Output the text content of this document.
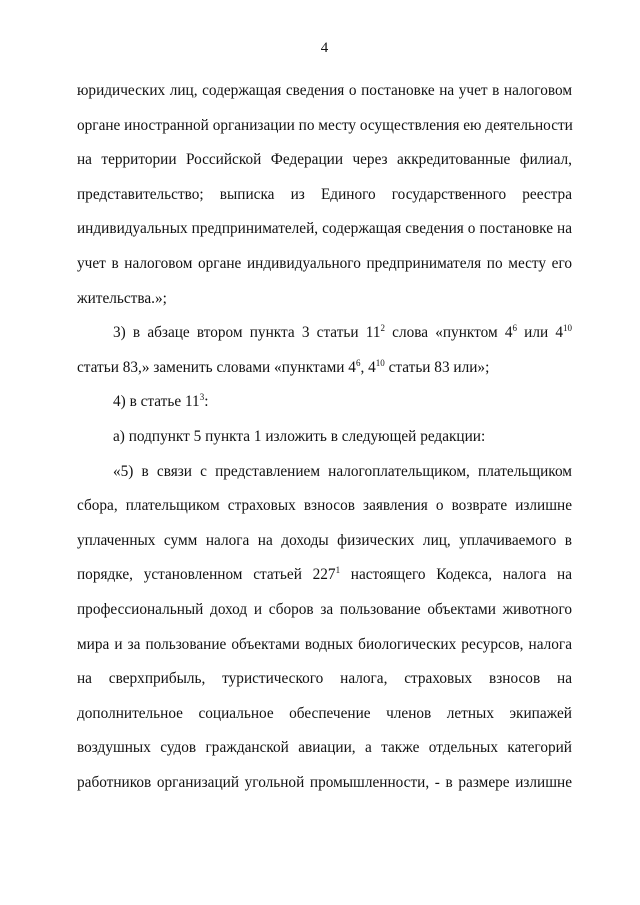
4
юридических лиц, содержащая сведения о постановке на учет в налоговом
органе иностранной организации по месту осуществления ею деятельности
на территории Российской Федерации через аккредитованные филиал,
представительство; выписка из Единого государственного реестра
индивидуальных предпринимателей, содержащая сведения о постановке на
учет в налоговом органе индивидуального предпринимателя по месту его
жительства.»;
3) в абзаце втором пункта 3 статьи $11^2$ слова «пунктом $4^6$ или $4^{10}$
статьи 83,» заменить словами «пунктами $4^6$, $4^{10}$ статьи 83 или»;
4) в статье $11^3$:
а) подпункт 5 пункта 1 изложить в следующей редакции:
«5) в связи с представлением налогоплательщиком, плательщиком
сбора, плательщиком страховых взносов заявления о возврате излишне
уплаченных сумм налога на доходы физических лиц, уплачиваемого в
порядке, установленном статьей $227^1$ настоящего Кодекса, налога на
профессиональный доход и сборов за пользование объектами животного
мира и за пользование объектами водных биологических ресурсов, налога
на сверхприбыль, туристического налога, страховых взносов на
дополнительное социальное обеспечение членов летных экипажей
воздушных судов гражданской авиации, а также отдельных категорий
работников организаций угольной промышленности, - в размере излишне
